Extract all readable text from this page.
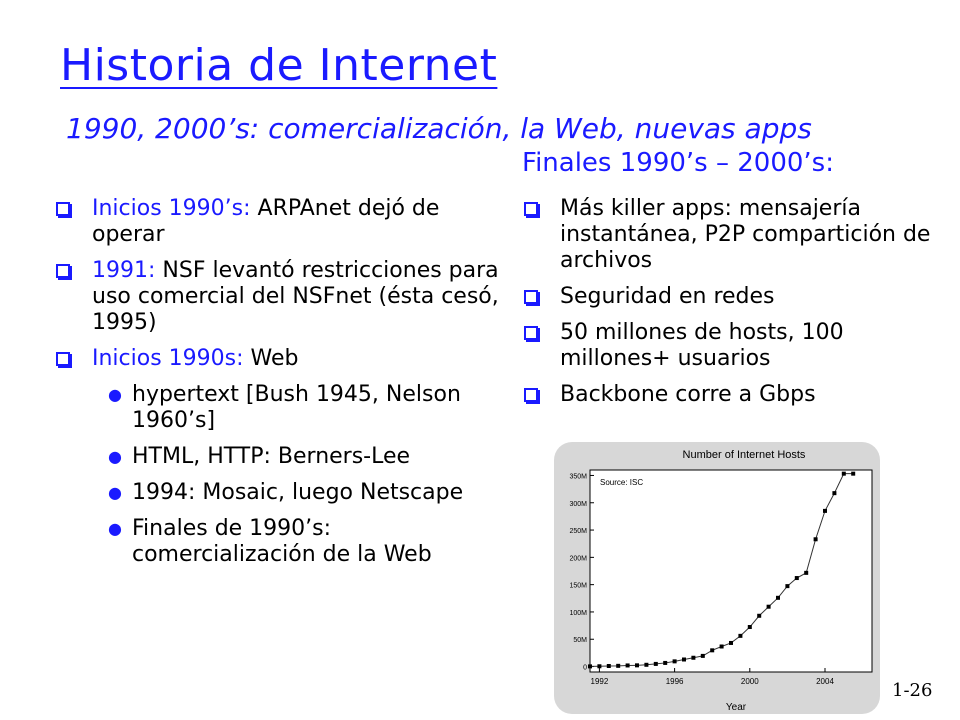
Historia de Internet
1990, 2000’s: comercialización, la Web, nuevas apps
Finales 1990’s – 2000’s:
Inicios 1990’s: ARPAnet dejó de operar
1991: NSF levantó restricciones para uso comercial del NSFnet (ésta cesó, 1995)
Inicios 1990s: Web
● hypertext [Bush 1945, Nelson 1960’s]
● HTML, HTTP: Berners-Lee
● 1994: Mosaic, luego Netscape
● Finales de 1990’s: comercialización de la Web
Más killer apps: mensajería instantánea, P2P compartición de archivos
Seguridad en redes
50 millones de hosts, 100 millones+ usuarios
Backbone corre a Gbps
Number of Internet Hosts
Source: ISC
0
50M
100M
150M
200M
250M
300M
350M
1992	1996	2000	2004
Year
1-26
